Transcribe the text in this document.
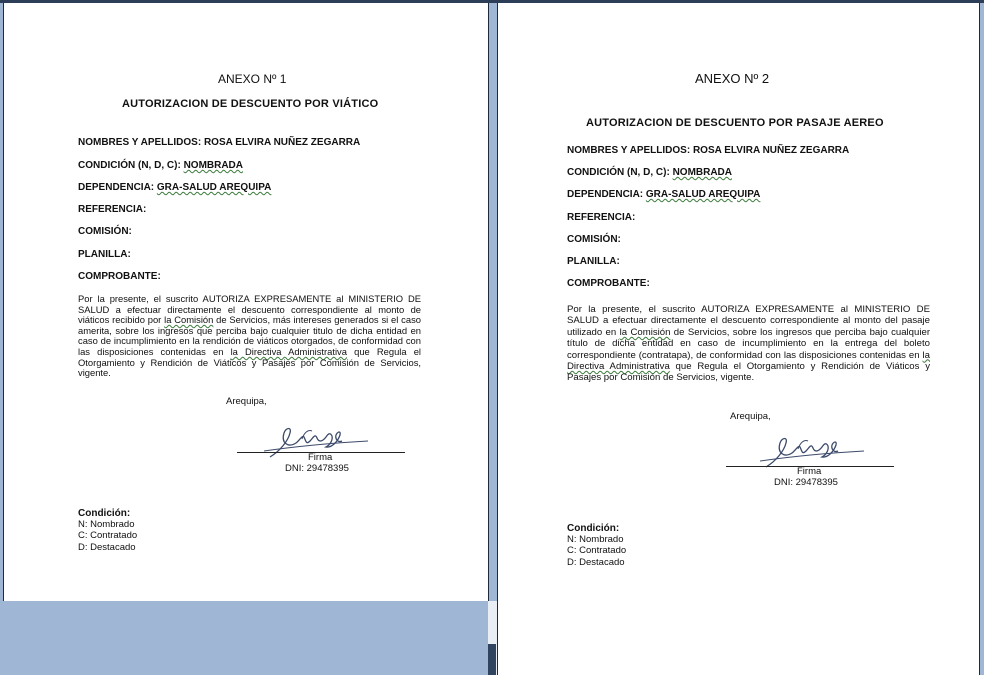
ANEXO Nº 1
AUTORIZACION DE DESCUENTO POR VIÁTICO
NOMBRES Y APELLIDOS: ROSA ELVIRA NUÑEZ ZEGARRA
CONDICIÓN (N, D, C): NOMBRADA
DEPENDENCIA: GRA-SALUD AREQUIPA
REFERENCIA:
COMISIÓN:
PLANILLA:
COMPROBANTE:
Por la presente, el suscrito AUTORIZA EXPRESAMENTE al MINISTERIO DE SALUD a efectuar directamente el descuento correspondiente al monto de viáticos recibido por la Comisión de Servicios, más intereses generados si el caso amerita, sobre los ingresos que perciba bajo cualquier titulo de dicha entidad en caso de incumplimiento en la rendición de viáticos otorgados, de conformidad con las disposiciones contenidas en la Directiva Administrativa que Regula el Otorgamiento y Rendición de Viáticos y Pasajes por Comisión de Servicios, vigente.
Arequipa,
Firma
DNI: 29478395
Condición:
N: Nombrado
C: Contratado
D: Destacado
ANEXO Nº 2
AUTORIZACION DE DESCUENTO POR PASAJE AEREO
NOMBRES Y APELLIDOS: ROSA ELVIRA NUÑEZ ZEGARRA
CONDICIÓN (N, D, C): NOMBRADA
DEPENDENCIA: GRA-SALUD AREQUIPA
REFERENCIA:
COMISIÓN:
PLANILLA:
COMPROBANTE:
Por la presente, el suscrito AUTORIZA EXPRESAMENTE al MINISTERIO DE SALUD a efectuar directamente el descuento correspondiente al monto del pasaje utilizado en la Comisión de Servicios, sobre los ingresos que perciba bajo cualquier título de dicha entidad en caso de incumplimiento en la entrega del boleto correspondiente (contratapa), de conformidad con las disposiciones contenidas en la Directiva Administrativa que Regula el Otorgamiento y Rendición de Viáticos y Pasajes por Comisión de Servicios, vigente.
Arequipa,
Firma
DNI: 29478395
Condición:
N: Nombrado
C: Contratado
D: Destacado
